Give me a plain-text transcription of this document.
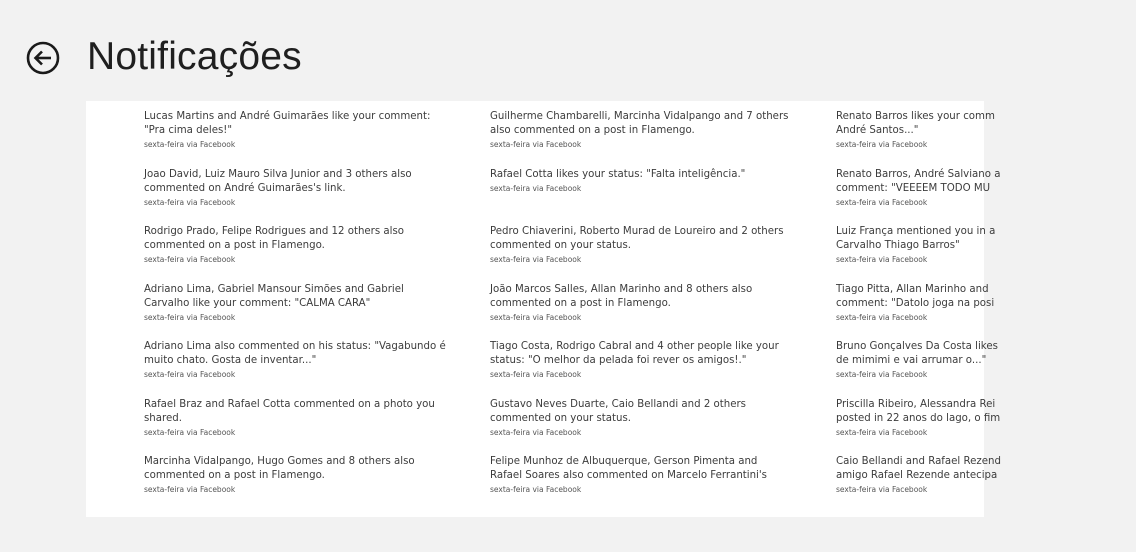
Notificações
Lucas Martins and André Guimarães like your comment:
"Pra cima deles!"
sexta-feira via Facebook
Joao David, Luiz Mauro Silva Junior and 3 others also
commented on André Guimarães's link.
sexta-feira via Facebook
Rodrigo Prado, Felipe Rodrigues and 12 others also
commented on a post in Flamengo.
sexta-feira via Facebook
Adriano Lima, Gabriel Mansour Simões and Gabriel
Carvalho like your comment: "CALMA CARA"
sexta-feira via Facebook
Adriano Lima also commented on his status: "Vagabundo é
muito chato. Gosta de inventar..."
sexta-feira via Facebook
Rafael Braz and Rafael Cotta commented on a photo you
shared.
sexta-feira via Facebook
Marcinha Vidalpango, Hugo Gomes and 8 others also
commented on a post in Flamengo.
sexta-feira via Facebook
Guilherme Chambarelli, Marcinha Vidalpango and 7 others
also commented on a post in Flamengo.
sexta-feira via Facebook
Rafael Cotta likes your status: "Falta inteligência."
sexta-feira via Facebook
Pedro Chiaverini, Roberto Murad de Loureiro and 2 others
commented on your status.
sexta-feira via Facebook
João Marcos Salles, Allan Marinho and 8 others also
commented on a post in Flamengo.
sexta-feira via Facebook
Tiago Costa, Rodrigo Cabral and 4 other people like your
status: "O melhor da pelada foi rever os amigos!."
sexta-feira via Facebook
Gustavo Neves Duarte, Caio Bellandi and 2 others
commented on your status.
sexta-feira via Facebook
Felipe Munhoz de Albuquerque, Gerson Pimenta and
Rafael Soares also commented on Marcelo Ferrantini's
sexta-feira via Facebook
Renato Barros likes your comm
André Santos..."
sexta-feira via Facebook
Renato Barros, André Salviano a
comment: "VEEEEM TODO MU
sexta-feira via Facebook
Luiz França mentioned you in a
Carvalho Thiago Barros"
sexta-feira via Facebook
Tiago Pitta, Allan Marinho and
comment: "Datolo joga na posi
sexta-feira via Facebook
Bruno Gonçalves Da Costa likes
de mimimi e vai arrumar o..."
sexta-feira via Facebook
Priscilla Ribeiro, Alessandra Rei
posted in 22 anos do lago, o fim
sexta-feira via Facebook
Caio Bellandi and Rafael Rezend
amigo Rafael Rezende antecipa
sexta-feira via Facebook
